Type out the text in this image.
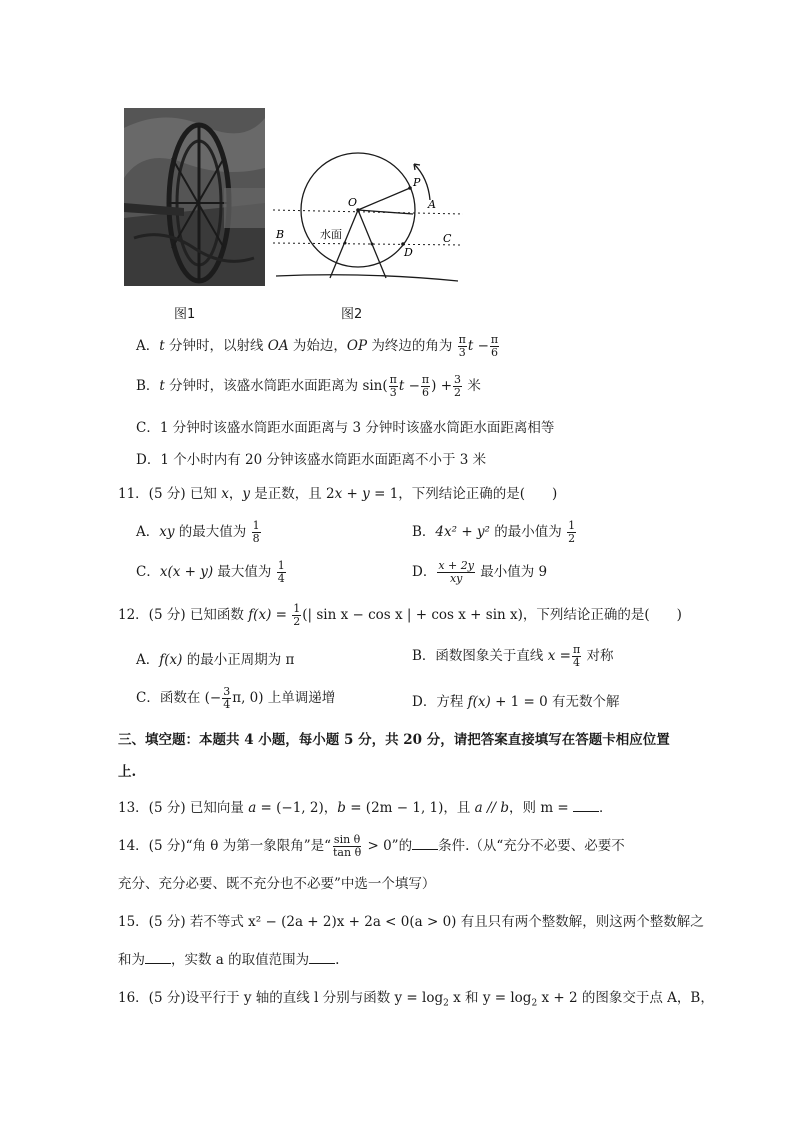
O
P
A
B	C
D
水面
图1	图2
A．t 分钟时，以射线 OA 为始边，OP 为终边的角为 $\frac{\pi}{3}$ $t - \frac{\pi}{6}$
B．t 分钟时，该盛水筒距水面距离为 $\sin( \frac{\pi}{3}$ $t - \frac{\pi}{6}$ ) + $\frac{3}{2}$ 米
C．1 分钟时该盛水筒距水面距离与 3 分钟时该盛水筒距水面距离相等
D．1 个小时内有 20 分钟该盛水筒距水面距离不小于 3 米
11．(5 分) 已知 x，y 是正数，且 2x + y = 1，下列结论正确的是(　　)
A．xy 的最大值为 $\frac{1}{8}$	B．4x² + y² 的最小值为 $\frac{1}{2}$
C．x(x + y) 最大值为 $\frac{1}{4}$	D． $\frac{x + 2y}{xy}$ 最小值为 9
12．(5 分) 已知函数 $f(x) = \frac{1}{2}$ (| sin x − cos x | + cos x + sin x)，下列结论正确的是(　　)
A．f(x) 的最小正周期为 π	B．函数图象关于直线 $x = \frac{\pi}{4}$ 对称
C．函数在 (− $\frac{3}{4} \pi$, 0) 上单调递增	D．方程 f(x) + 1 = 0 有无数个解
三、填空题：本题共 4 小题，每小题 5 分，共 20 分，请把答案直接填写在答题卡相应位置
上.
13．(5 分) 已知向量 a = (−1, 2)，b = (2m − 1, 1)，且 a // b，则 m = ．
14．(5 分)“角 θ 为第一象限角”是“ $\frac{\text{sin θ}}{\text{tan θ}} > 0$”的 条件.（从“充分不必要、必要不
充分、充分必要、既不充分也不必要”中选一个填写）
15．(5 分) 若不等式 x² − (2a + 2)x + 2a < 0(a > 0) 有且只有两个整数解，则这两个整数解之
和为 ，实数 a 的取值范围为 .
16．(5 分)设平行于 y 轴的直线 l 分别与函数 $y = \log_2 x$ 和 $y = \log_2 x + 2$ 的图象交于点 A，B，
